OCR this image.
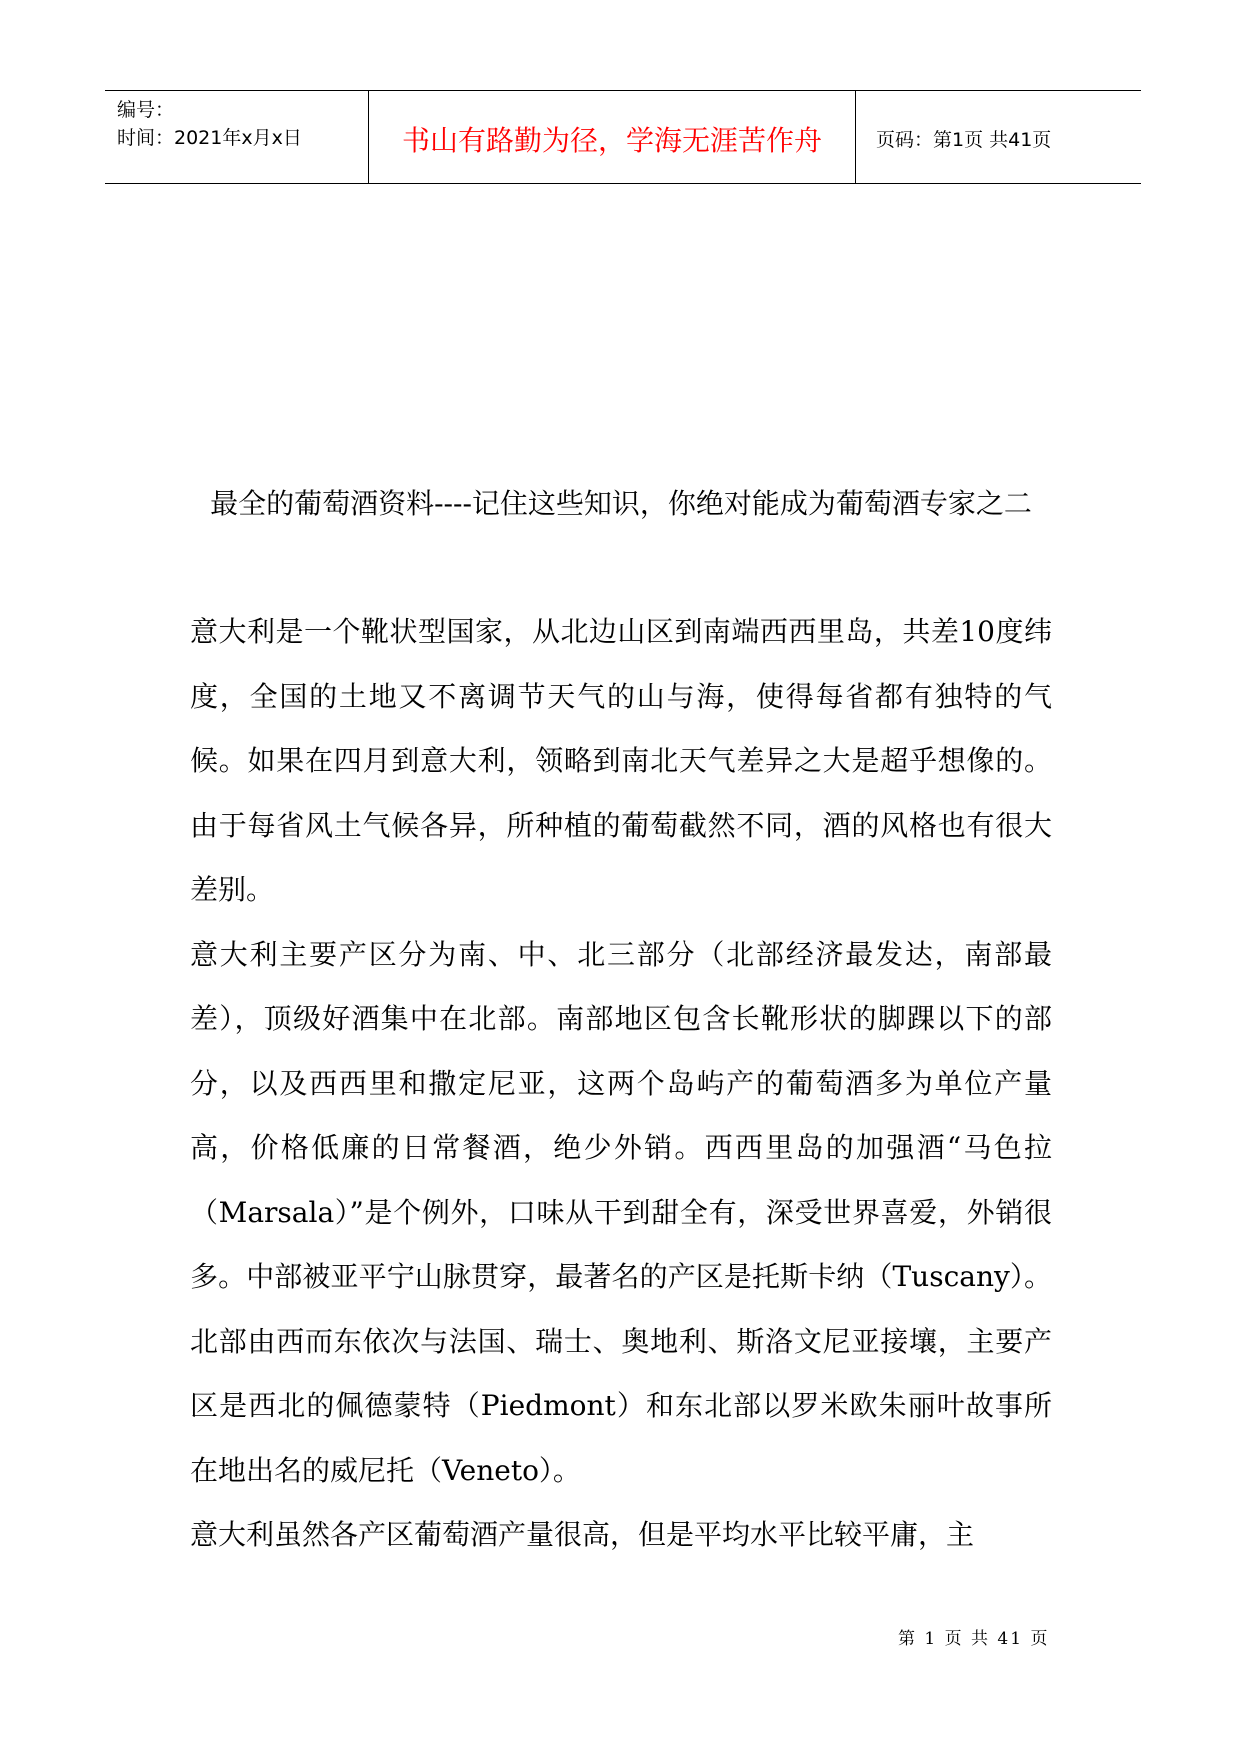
编号：
时间：2021年x月x日	书山有路勤为径，学海无涯苦作舟	页码：第1页 共41页
最全的葡萄酒资料----记住这些知识，你绝对能成为葡萄酒专家之二

意大利是一个靴状型国家，从北边山区到南端西西里岛，共差10度纬度，全国的土地又不离调节天气的山与海，使得每省都有独特的气候。如果在四月到意大利，领略到南北天气差异之大是超乎想像的。由于每省风土气候各异，所种植的葡萄截然不同，酒的风格也有很大差别。

意大利主要产区分为南、中、北三部分（北部经济最发达，南部最差），顶级好酒集中在北部。南部地区包含长靴形状的脚踝以下的部分，以及西西里和撒定尼亚，这两个岛屿产的葡萄酒多为单位产量高，价格低廉的日常餐酒，绝少外销。西西里岛的加强酒“马色拉（Marsala）”是个例外，口味从干到甜全有，深受世界喜爱，外销很多。中部被亚平宁山脉贯穿，最著名的产区是托斯卡纳（Tuscany）。北部由西而东依次与法国、瑞士、奥地利、斯洛文尼亚接壤，主要产区是西北的佩德蒙特（Piedmont）和东北部以罗米欧朱丽叶故事所在地出名的威尼托（Veneto）。

意大利虽然各产区葡萄酒产量很高，但是平均水平比较平庸，主

第 1 页 共 41 页
